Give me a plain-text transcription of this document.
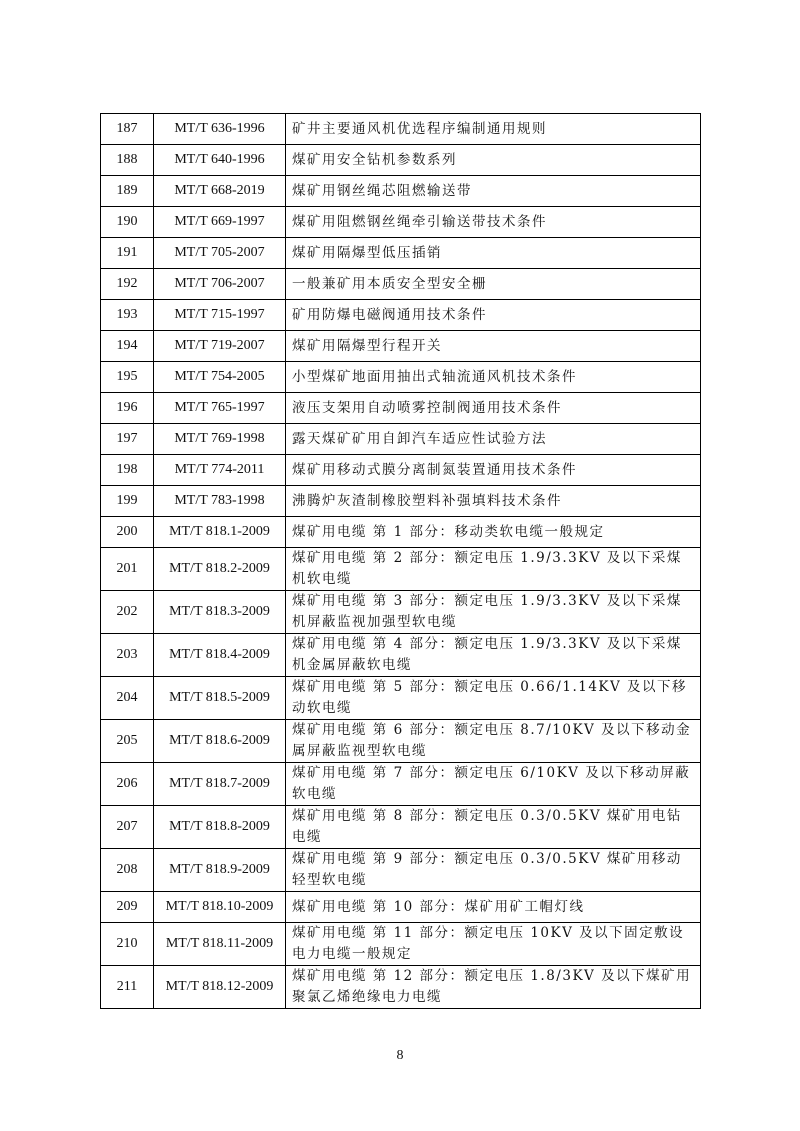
187	MT/T 636-1996	矿井主要通风机优选程序编制通用规则
188	MT/T 640-1996	煤矿用安全钻机参数系列
189	MT/T 668-2019	煤矿用钢丝绳芯阻燃输送带
190	MT/T 669-1997	煤矿用阻燃钢丝绳牵引输送带技术条件
191	MT/T 705-2007	煤矿用隔爆型低压插销
192	MT/T 706-2007	一般兼矿用本质安全型安全栅
193	MT/T 715-1997	矿用防爆电磁阀通用技术条件
194	MT/T 719-2007	煤矿用隔爆型行程开关
195	MT/T 754-2005	小型煤矿地面用抽出式轴流通风机技术条件
196	MT/T 765-1997	液压支架用自动喷雾控制阀通用技术条件
197	MT/T 769-1998	露天煤矿矿用自卸汽车适应性试验方法
198	MT/T 774-2011	煤矿用移动式膜分离制氮装置通用技术条件
199	MT/T 783-1998	沸腾炉灰渣制橡胶塑料补强填料技术条件
200	MT/T 818.1-2009	煤矿用电缆 第 1 部分：移动类软电缆一般规定
201	MT/T 818.2-2009	煤矿用电缆 第 2 部分：额定电压 1.9/3.3KV 及以下采煤机软电缆
202	MT/T 818.3-2009	煤矿用电缆 第 3 部分：额定电压 1.9/3.3KV 及以下采煤机屏蔽监视加强型软电缆
203	MT/T 818.4-2009	煤矿用电缆 第 4 部分：额定电压 1.9/3.3KV 及以下采煤机金属屏蔽软电缆
204	MT/T 818.5-2009	煤矿用电缆 第 5 部分：额定电压 0.66/1.14KV 及以下移动软电缆
205	MT/T 818.6-2009	煤矿用电缆 第 6 部分：额定电压 8.7/10KV 及以下移动金属屏蔽监视型软电缆
206	MT/T 818.7-2009	煤矿用电缆 第 7 部分：额定电压 6/10KV 及以下移动屏蔽软电缆
207	MT/T 818.8-2009	煤矿用电缆 第 8 部分：额定电压 0.3/0.5KV 煤矿用电钻电缆
208	MT/T 818.9-2009	煤矿用电缆 第 9 部分：额定电压 0.3/0.5KV 煤矿用移动轻型软电缆
209	MT/T 818.10-2009	煤矿用电缆 第 10 部分：煤矿用矿工帽灯线
210	MT/T 818.11-2009	煤矿用电缆 第 11 部分：额定电压 10KV 及以下固定敷设电力电缆一般规定
211	MT/T 818.12-2009	煤矿用电缆 第 12 部分：额定电压 1.8/3KV 及以下煤矿用聚氯乙烯绝缘电力电缆
8
